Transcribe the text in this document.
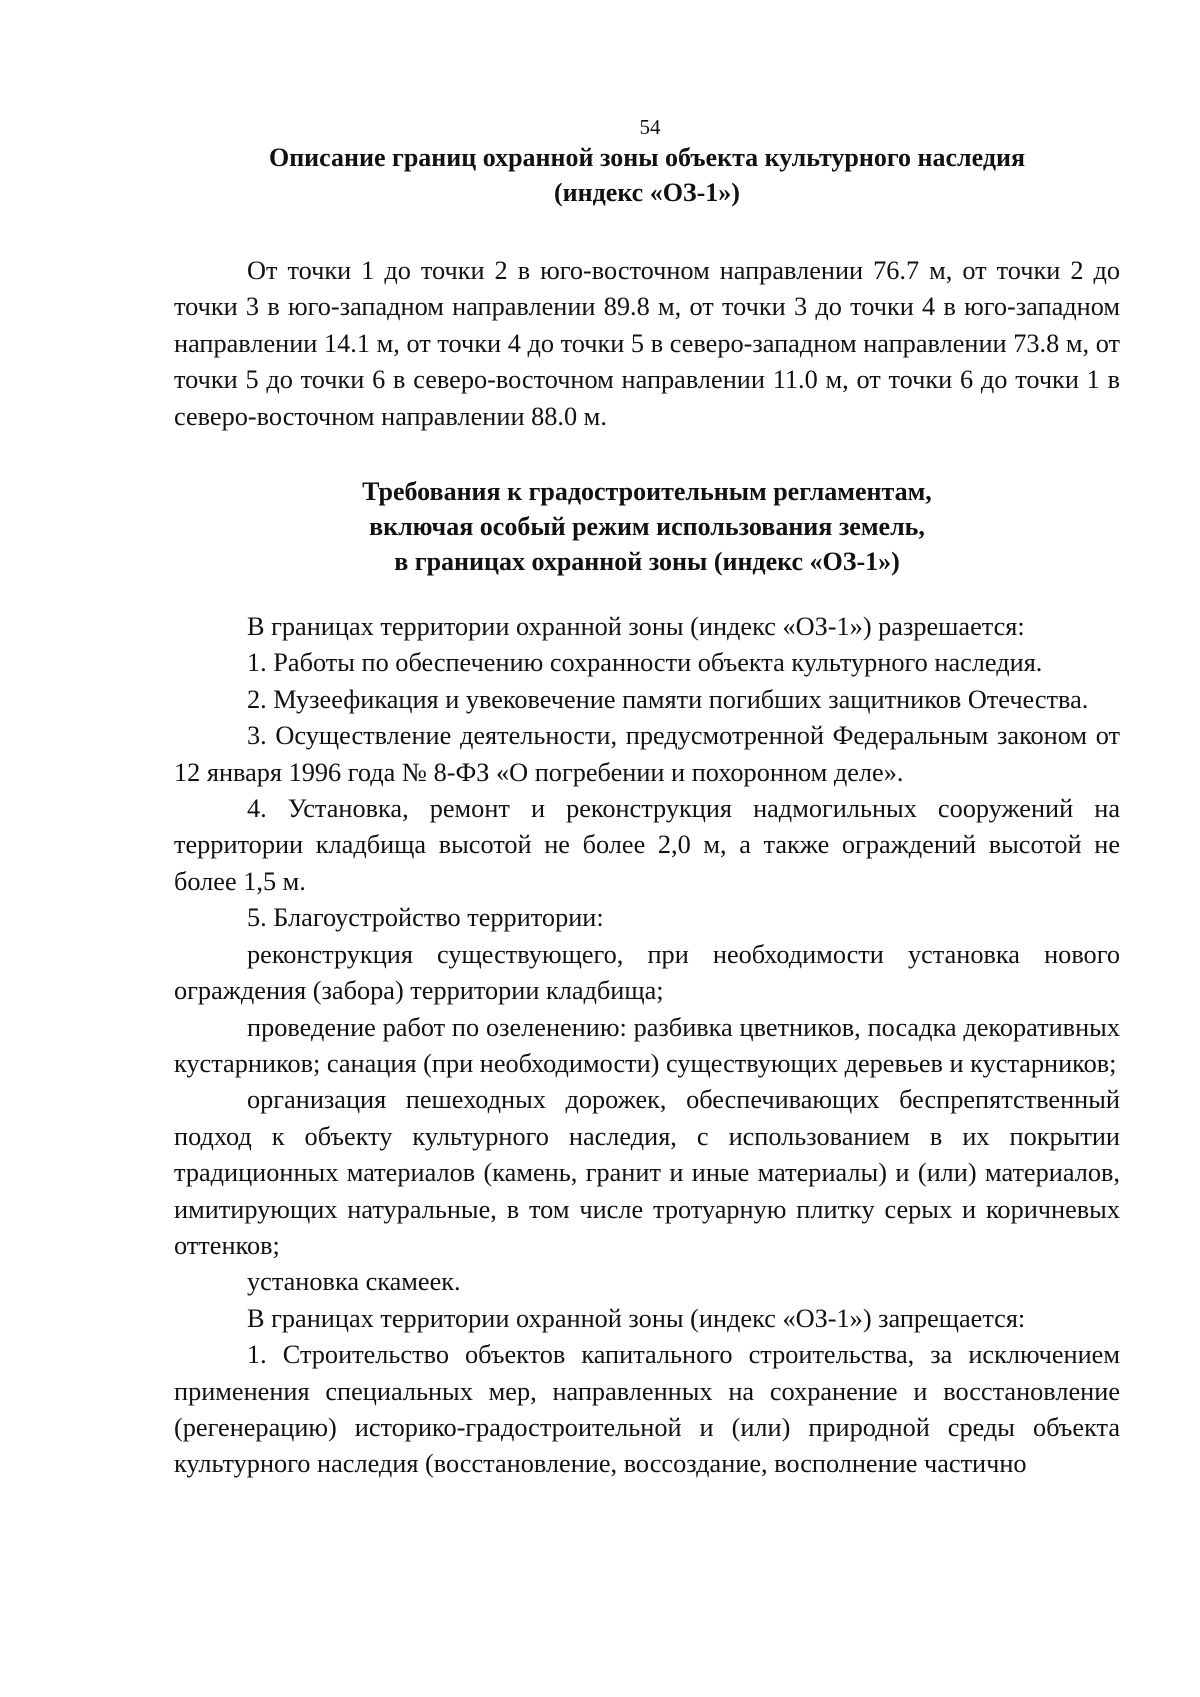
54
Описание границ охранной зоны объекта культурного наследия
(индекс «ОЗ-1»)

От точки 1 до точки 2 в юго-восточном направлении 76.7 м, от точки 2 до точки 3 в юго-западном направлении 89.8 м, от точки 3 до точки 4 в юго-западном направлении 14.1 м, от точки 4 до точки 5 в северо-западном направлении 73.8 м, от точки 5 до точки 6 в северо-восточном направлении 11.0 м, от точки 6 до точки 1 в северо-восточном направлении 88.0 м.

Требования к градостроительным регламентам,
включая особый режим использования земель,
в границах охранной зоны (индекс «ОЗ-1»)

В границах территории охранной зоны (индекс «ОЗ-1») разрешается:

1. Работы по обеспечению сохранности объекта культурного наследия.

2. Музеефикация и увековечение памяти погибших защитников Отечества.

3. Осуществление деятельности, предусмотренной Федеральным законом от 12 января 1996 года № 8-ФЗ «О погребении и похоронном деле».

4. Установка, ремонт и реконструкция надмогильных сооружений на территории кладбища высотой не более 2,0 м, а также ограждений высотой не более 1,5 м.

5. Благоустройство территории:

реконструкция существующего, при необходимости установка нового ограждения (забора) территории кладбища;

проведение работ по озеленению: разбивка цветников, посадка декоративных кустарников; санация (при необходимости) существующих деревьев и кустарников;

организация пешеходных дорожек, обеспечивающих беспрепятственный подход к объекту культурного наследия, с использованием в их покрытии традиционных материалов (камень, гранит и иные материалы) и (или) материалов, имитирующих натуральные, в том числе тротуарную плитку серых и коричневых оттенков;

установка скамеек.

В границах территории охранной зоны (индекс «ОЗ-1») запрещается:

1. Строительство объектов капитального строительства, за исключением применения специальных мер, направленных на сохранение и восстановление (регенерацию) историко-градостроительной и (или) природной среды объекта культурного наследия (восстановление, воссоздание, восполнение частично
